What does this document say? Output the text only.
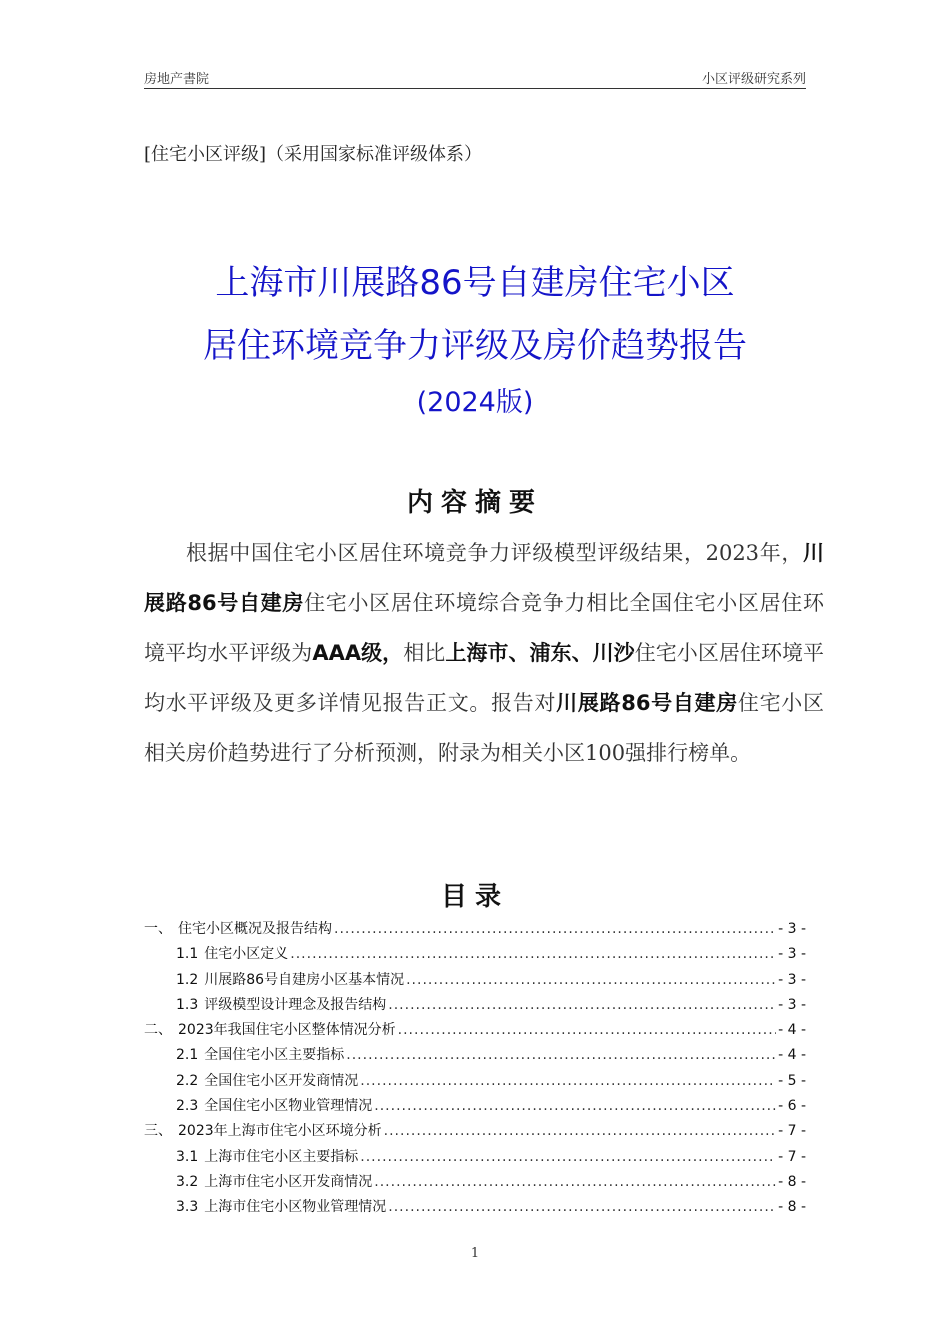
房地产書院	小区评级研究系列
[住宅小区评级]（采用国家标准评级体系）
上海市川展路86号自建房住宅小区
居住环境竞争力评级及房价趋势报告
(2024版)
内容摘要

根据中国住宅小区居住环境竞争力评级模型评级结果，2023年，川展路86号自建房住宅小区居住环境综合竞争力相比全国住宅小区居住环境平均水平评级为AAA级，相比上海市、浦东、川沙住宅小区居住环境平均水平评级及更多详情见报告正文。报告对川展路86号自建房住宅小区相关房价趋势进行了分析预测，附录为相关小区100强排行榜单。

目录
一、 住宅小区概况及报告结构 .....	- 3 -
1.1 住宅小区定义 .....	- 3 -
1.2 川展路86号自建房小区基本情况 .....	- 3 -
1.3 评级模型设计理念及报告结构 .....	- 3 -
二、 2023年我国住宅小区整体情况分析 .....	- 4 -
2.1 全国住宅小区主要指标 .....	- 4 -
2.2 全国住宅小区开发商情况 .....	- 5 -
2.3 全国住宅小区物业管理情况 .....	- 6 -
三、 2023年上海市住宅小区环境分析 .....	- 7 -
3.1 上海市住宅小区主要指标 .....	- 7 -
3.2 上海市住宅小区开发商情况 .....	- 8 -
3.3 上海市住宅小区物业管理情况 .....	- 8 -
1
